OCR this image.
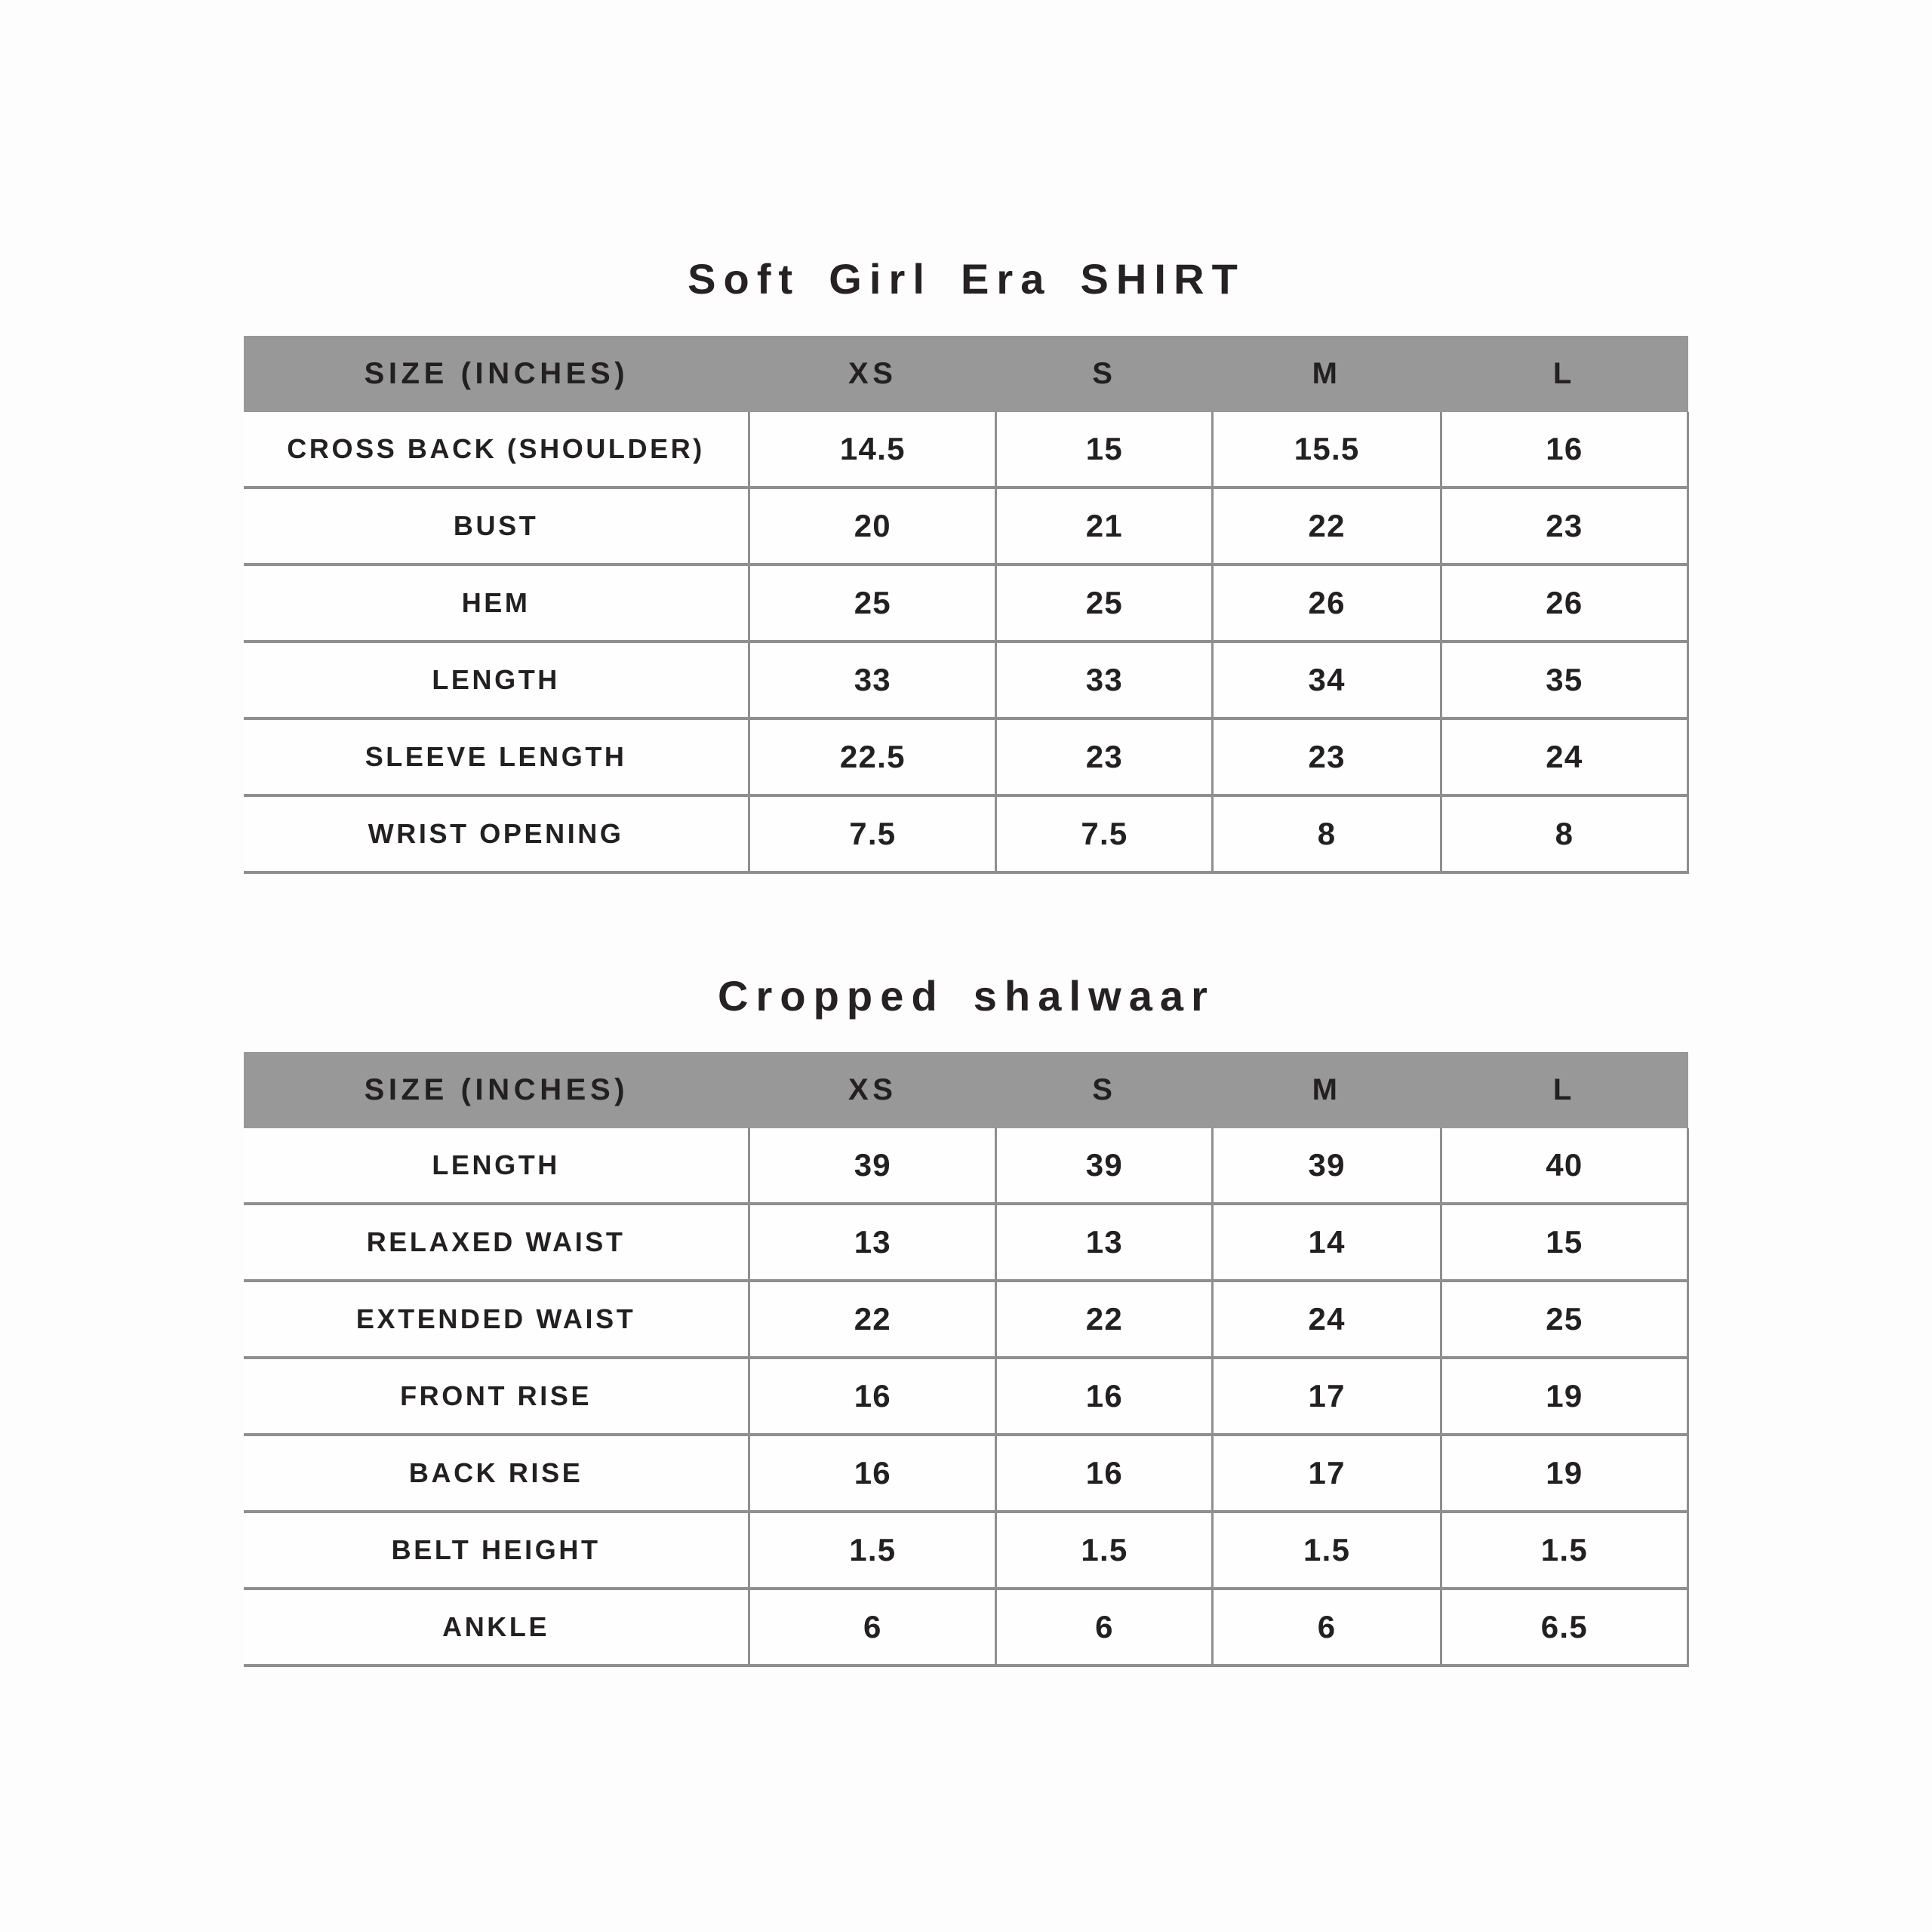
Soft Girl Era SHIRT
SIZE (INCHES)	XS	S	M	L
CROSS BACK (SHOULDER)	14.5	15	15.5	16
BUST	20	21	22	23
HEM	25	25	26	26
LENGTH	33	33	34	35
SLEEVE LENGTH	22.5	23	23	24
WRIST OPENING	7.5	7.5	8	8
Cropped shalwaar
SIZE (INCHES)	XS	S	M	L
LENGTH	39	39	39	40
RELAXED WAIST	13	13	14	15
EXTENDED WAIST	22	22	24	25
FRONT RISE	16	16	17	19
BACK RISE	16	16	17	19
BELT HEIGHT	1.5	1.5	1.5	1.5
ANKLE	6	6	6	6.5
